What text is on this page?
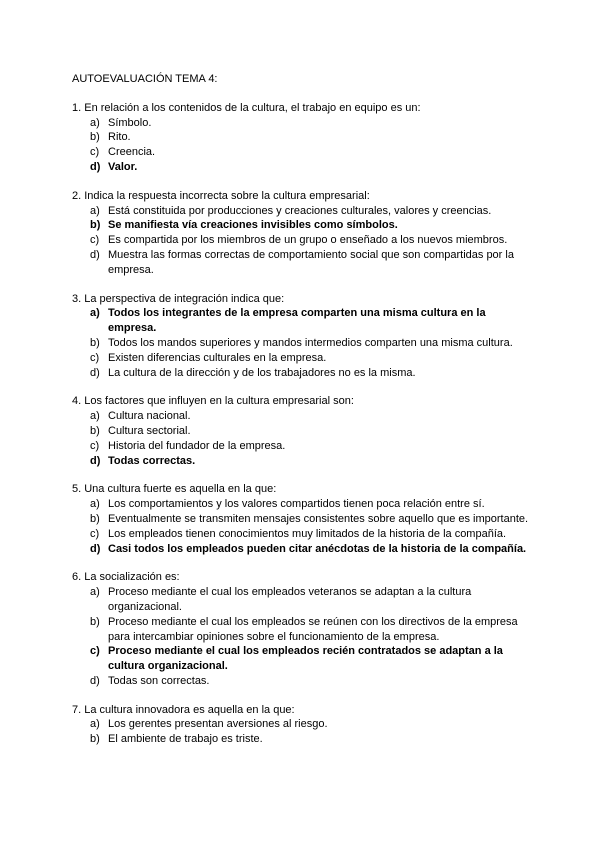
AUTOEVALUACIÓN TEMA 4:

1. En relación a los contenidos de la cultura, el trabajo en equipo es un:

a) Símbolo.
b) Rito.
c) Creencia.
d) Valor.

2. Indica la respuesta incorrecta sobre la cultura empresarial:

a) Está constituida por producciones y creaciones culturales, valores y creencias.
b) Se manifiesta vía creaciones invisibles como símbolos.
c) Es compartida por los miembros de un grupo o enseñado a los nuevos miembros.
d) Muestra las formas correctas de comportamiento social que son compartidas por la empresa.

3. La perspectiva de integración indica que:

a) Todos los integrantes de la empresa comparten una misma cultura en la empresa.
b) Todos los mandos superiores y mandos intermedios comparten una misma cultura.
c) Existen diferencias culturales en la empresa.
d) La cultura de la dirección y de los trabajadores no es la misma.

4. Los factores que influyen en la cultura empresarial son:

a) Cultura nacional.
b) Cultura sectorial.
c) Historia del fundador de la empresa.
d) Todas correctas.

5. Una cultura fuerte es aquella en la que:

a) Los comportamientos y los valores compartidos tienen poca relación entre sí.
b) Eventualmente se transmiten mensajes consistentes sobre aquello que es importante.
c) Los empleados tienen conocimientos muy limitados de la historia de la compañía.
d) Casi todos los empleados pueden citar anécdotas de la historia de la compañía.

6. La socialización es:

a) Proceso mediante el cual los empleados veteranos se adaptan a la cultura organizacional.
b) Proceso mediante el cual los empleados se reúnen con los directivos de la empresa para intercambiar opiniones sobre el funcionamiento de la empresa.
c) Proceso mediante el cual los empleados recién contratados se adaptan a la cultura organizacional.
d) Todas son correctas.

7. La cultura innovadora es aquella en la que:

a) Los gerentes presentan aversiones al riesgo.
b) El ambiente de trabajo es triste.
